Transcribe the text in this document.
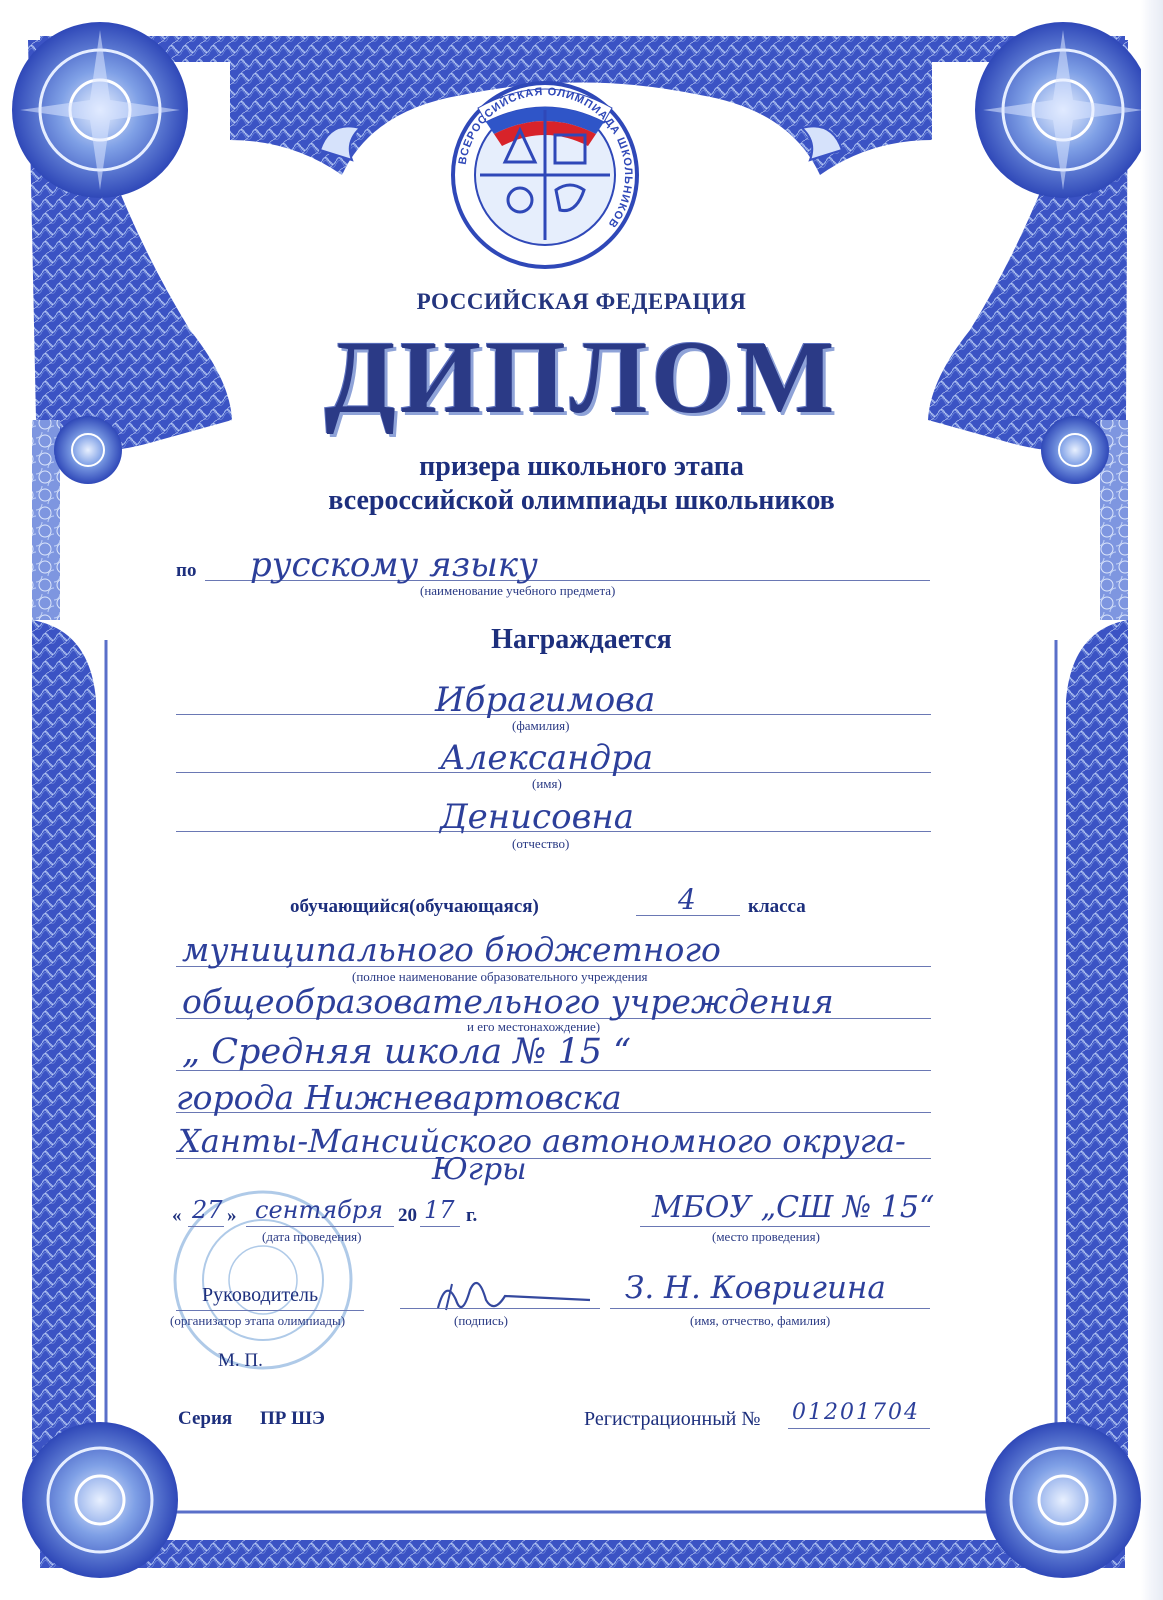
ВСЕРОССИЙСКАЯ ОЛИМПИАДА ШКОЛЬНИКОВ
РОССИЙСКАЯ ФЕДЕРАЦИЯ
ДИПЛОМ
призера школьного этапа
всероссийской олимпиады школьников
по русскому языку
(наименование учебного предмета)
Награждается
Ибрагимова
(фамилия)
Александра
(имя)
Денисовна
(отчество)
обучающийся(обучающаяся)	4	класса
муниципального бюджетного
(полное наименование образовательного учреждения
общеобразовательного учреждения
и его местонахождение)
„ Средняя школа № 15 “
города Нижневартовска
Ханты-Мансийского автономного округа-
Югры
« 27 » сентября 20 17 г.
(дата проведения)
МБОУ „СШ № 15“
(место проведения)
Руководитель
(организатор этапа олимпиады)	(подпись)
З. Н. Ковригина
(имя, отчество, фамилия)
М. П.
Серия ПР ШЭ	Регистрационный № 01201704
